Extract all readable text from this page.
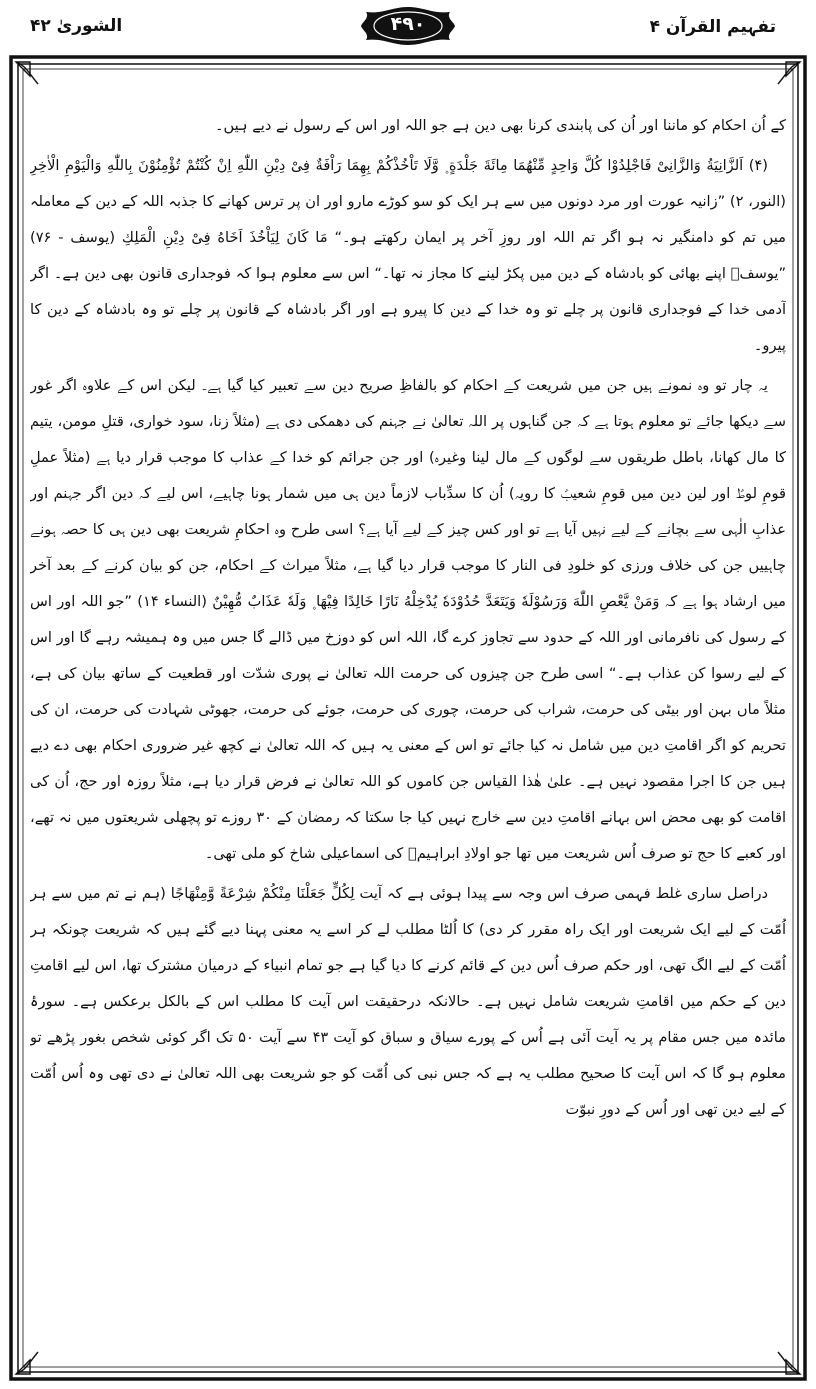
الشوریٰ ۴۲	۴۹۰	تفہیم القرآن ۴

کے اُن احکام کو ماننا اور اُن کی پابندی کرنا بھی دین ہے جو اللہ اور اس کے رسول نے دیے ہیں۔

(۴) اَلزَّانِیَةُ وَالزَّانِیْ فَاجْلِدُوْا كُلَّ وَاحِدٍ مِّنْهُمَا مِائَةَ جَلْدَةٍ ۪ وَّلَا تَاْخُذْكُمْ بِهِمَا رَاْفَةٌ فِیْ دِیْنِ اللّٰهِ اِنْ كُنْتُمْ تُؤْمِنُوْنَ بِاللّٰهِ وَالْیَوْمِ الْاٰخِرِ (النور، ۲) ”زانیہ عورت اور مرد دونوں میں سے ہر ایک کو سو کوڑے مارو اور ان پر ترس کھانے کا جذبہ اللہ کے دین کے معاملہ میں تم کو دامنگیر نہ ہو اگر تم اللہ اور روزِ آخر پر ایمان رکھتے ہو۔“ مَا كَانَ لِیَاْخُذَ اَخَاهُ فِیْ دِیْنِ الْمَلِكِ (یوسف - ۷۶) ”یوسفؑ اپنے بھائی کو بادشاہ کے دین میں پکڑ لینے کا مجاز نہ تھا۔“ اس سے معلوم ہوا کہ فوجداری قانون بھی دین ہے۔ اگر آدمی خدا کے فوجداری قانون پر چلے تو وہ خدا کے دین کا پیرو ہے اور اگر بادشاہ کے قانون پر چلے تو وہ بادشاہ کے دین کا پیرو۔

یہ چار تو وہ نمونے ہیں جن میں شریعت کے احکام کو بالفاظِ صریح دین سے تعبیر کیا گیا ہے۔ لیکن اس کے علاوہ اگر غور سے دیکھا جائے تو معلوم ہوتا ہے کہ جن گناہوں پر اللہ تعالیٰ نے جہنم کی دھمکی دی ہے (مثلاً زنا، سود خواری، قتلِ مومن، یتیم کا مال کھانا، باطل طریقوں سے لوگوں کے مال لینا وغیرہ) اور جن جرائم کو خدا کے عذاب کا موجب قرار دیا ہے (مثلاً عملِ قومِ لوطؑ اور لین دین میں قومِ شعیبؑ کا رویہ) اُن کا سدِّباب لازماً دین ہی میں شمار ہونا چاہیے، اس لیے کہ دین اگر جہنم اور عذابِ الٰہی سے بچانے کے لیے نہیں آیا ہے تو اور کس چیز کے لیے آیا ہے؟ اسی طرح وہ احکامِ شریعت بھی دین ہی کا حصہ ہونے چاہییں جن کی خلاف ورزی کو خلودِ فی النار کا موجب قرار دیا گیا ہے، مثلاً میراث کے احکام، جن کو بیان کرنے کے بعد آخر میں ارشاد ہوا ہے کہ وَمَنْ یَّعْصِ اللّٰهَ وَرَسُوْلَهٗ وَیَتَعَدَّ حُدُوْدَهٗ یُدْخِلْهُ نَارًا خَالِدًا فِیْهَا ۪ وَلَهٗ عَذَابٌ مُّهِیْنٌ (النساء ۱۴) ”جو اللہ اور اس کے رسول کی نافرمانی اور اللہ کے حدود سے تجاوز کرے گا، اللہ اس کو دوزخ میں ڈالے گا جس میں وہ ہمیشہ رہے گا اور اس کے لیے رسوا کن عذاب ہے۔“ اسی طرح جن چیزوں کی حرمت اللہ تعالیٰ نے پوری شدّت اور قطعیت کے ساتھ بیان کی ہے، مثلاً ماں بہن اور بیٹی کی حرمت، شراب کی حرمت، چوری کی حرمت، جوئے کی حرمت، جھوٹی شہادت کی حرمت، ان کی تحریم کو اگر اقامتِ دین میں شامل نہ کیا جائے تو اس کے معنی یہ ہیں کہ اللہ تعالیٰ نے کچھ غیر ضروری احکام بھی دے دیے ہیں جن کا اجرا مقصود نہیں ہے۔ علیٰ ھٰذا القیاس جن کاموں کو اللہ تعالیٰ نے فرض قرار دیا ہے، مثلاً روزہ اور حج، اُن کی اقامت کو بھی محض اس بہانے اقامتِ دین سے خارج نہیں کیا جا سکتا کہ رمضان کے ۳۰ روزے تو پچھلی شریعتوں میں نہ تھے، اور کعبے کا حج تو صرف اُس شریعت میں تھا جو اولادِ ابراہیمؑ کی اسماعیلی شاخ کو ملی تھی۔

دراصل ساری غلط فہمی صرف اس وجہ سے پیدا ہوئی ہے کہ آیت لِكُلٍّ جَعَلْنَا مِنْكُمْ شِرْعَةً وَّمِنْهَاجًا (ہم نے تم میں سے ہر اُمّت کے لیے ایک شریعت اور ایک راہ مقرر کر دی) کا اُلٹا مطلب لے کر اسے یہ معنی پہنا دیے گئے ہیں کہ شریعت چونکہ ہر اُمّت کے لیے الگ تھی، اور حکم صرف اُس دین کے قائم کرنے کا دیا گیا ہے جو تمام انبیاء کے درمیان مشترک تھا، اس لیے اقامتِ دین کے حکم میں اقامتِ شریعت شامل نہیں ہے۔ حالانکہ درحقیقت اس آیت کا مطلب اس کے بالکل برعکس ہے۔ سورۂ مائدہ میں جس مقام پر یہ آیت آئی ہے اُس کے پورے سیاق و سباق کو آیت ۴۳ سے آیت ۵۰ تک اگر کوئی شخص بغور پڑھے تو معلوم ہو گا کہ اس آیت کا صحیح مطلب یہ ہے کہ جس نبی کی اُمّت کو جو شریعت بھی اللہ تعالیٰ نے دی تھی وہ اُس اُمّت کے لیے دین تھی اور اُس کے دورِ نبوّت
